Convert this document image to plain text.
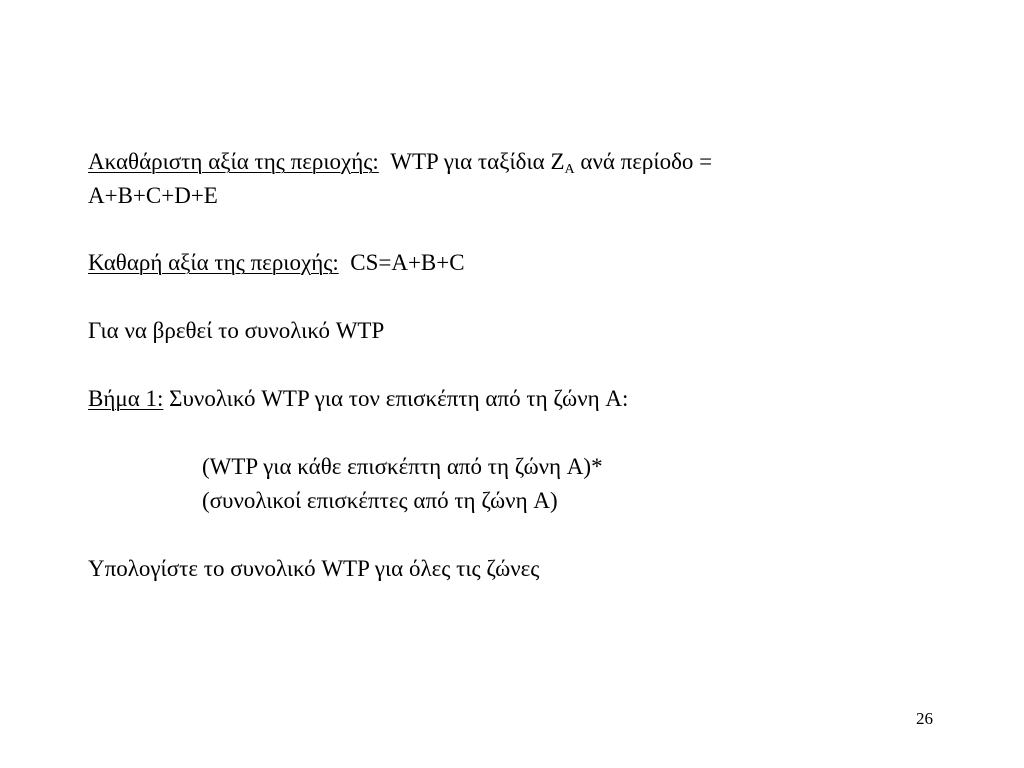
Ακαθάριστη αξία της περιοχής: WTP για ταξίδια $Z_A$ ανά περίοδο =
A+B+C+D+E
Καθαρή αξία της περιοχής: CS=A+B+C
Για να βρεθεί το συνολικό WTP
Βήμα 1: Συνολικό WTP για τον επισκέπτη από τη ζώνη A:
(WTP για κάθε επισκέπτη από τη ζώνη A)*
(συνολικοί επισκέπτες από τη ζώνη A)
Υπολογίστε το συνολικό WTP για όλες τις ζώνες
26
